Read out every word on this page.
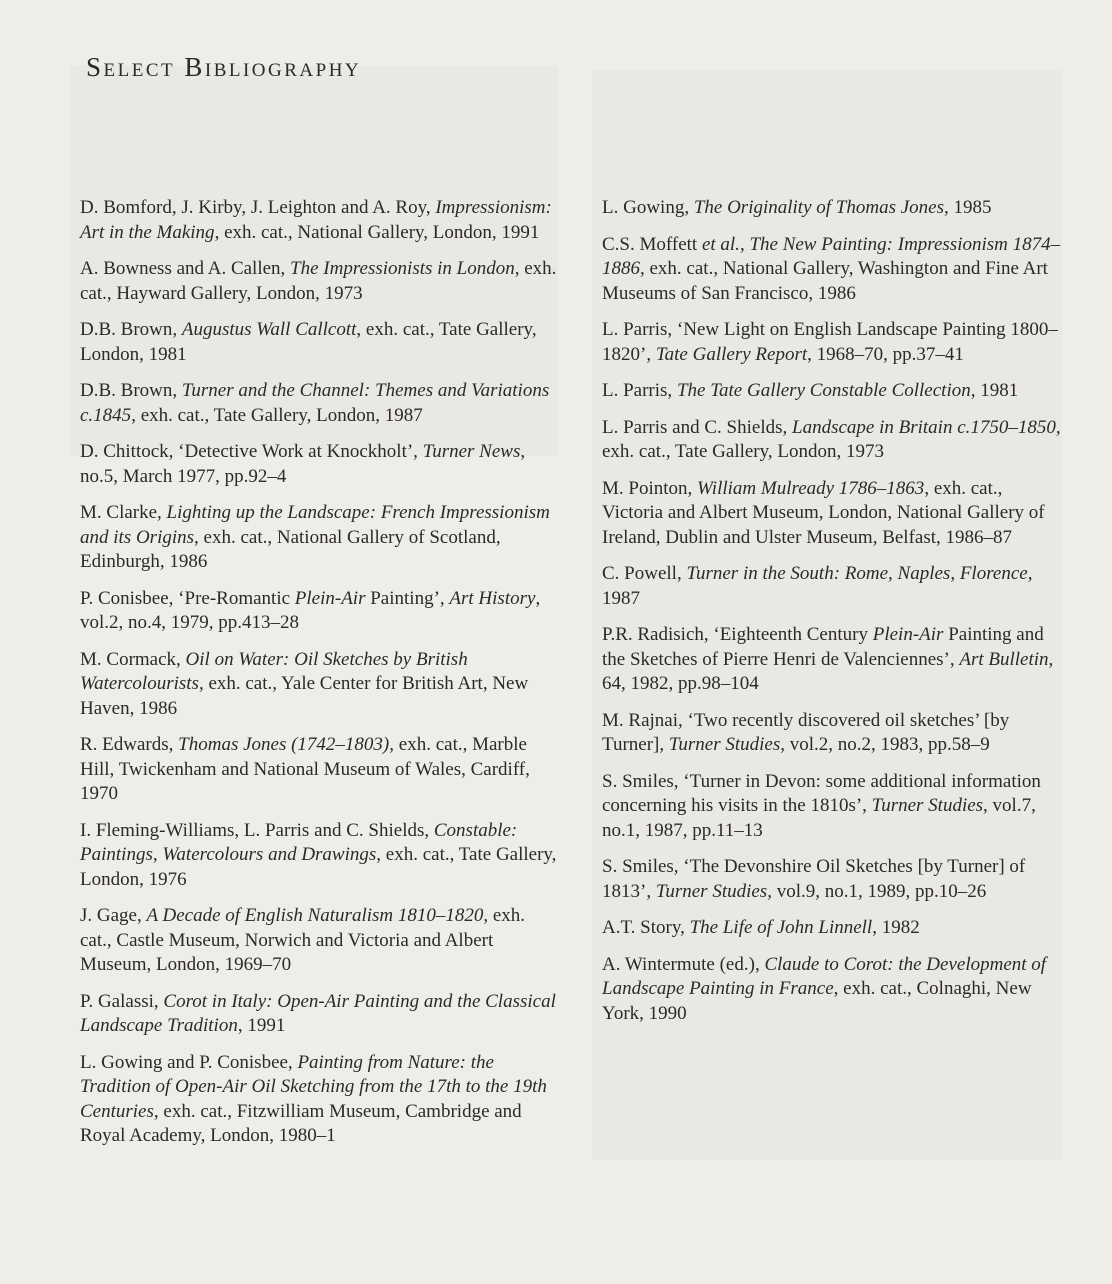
Select Bibliography

D. Bomford, J. Kirby, J. Leighton and A. Roy, Impressionism: Art in the Making, exh. cat., National Gallery, London, 1991

A. Bowness and A. Callen, The Impressionists in London, exh. cat., Hayward Gallery, London, 1973

D.B. Brown, Augustus Wall Callcott, exh. cat., Tate Gallery, London, 1981

D.B. Brown, Turner and the Channel: Themes and Variations c.1845, exh. cat., Tate Gallery, London, 1987

D. Chittock, ‘Detective Work at Knockholt’, Turner News, no.5, March 1977, pp.92–4

M. Clarke, Lighting up the Landscape: French Impressionism and its Origins, exh. cat., National Gallery of Scotland, Edinburgh, 1986

P. Conisbee, ‘Pre-Romantic Plein-Air Painting’, Art History, vol.2, no.4, 1979, pp.413–28

M. Cormack, Oil on Water: Oil Sketches by British Watercolourists, exh. cat., Yale Center for British Art, New Haven, 1986

R. Edwards, Thomas Jones (1742–1803), exh. cat., Marble Hill, Twickenham and National Museum of Wales, Cardiff, 1970

I. Fleming-Williams, L. Parris and C. Shields, Constable: Paintings, Watercolours and Drawings, exh. cat., Tate Gallery, London, 1976

J. Gage, A Decade of English Naturalism 1810–1820, exh. cat., Castle Museum, Norwich and Victoria and Albert Museum, London, 1969–70

P. Galassi, Corot in Italy: Open-Air Painting and the Classical Landscape Tradition, 1991

L. Gowing and P. Conisbee, Painting from Nature: the Tradition of Open-Air Oil Sketching from the 17th to the 19th Centuries, exh. cat., Fitzwilliam Museum, Cambridge and Royal Academy, London, 1980–1

L. Gowing, The Originality of Thomas Jones, 1985

C.S. Moffett et al., The New Painting: Impressionism 1874–1886, exh. cat., National Gallery, Washington and Fine Art Museums of San Francisco, 1986

L. Parris, ‘New Light on English Landscape Painting 1800–1820’, Tate Gallery Report, 1968–70, pp.37–41

L. Parris, The Tate Gallery Constable Collection, 1981

L. Parris and C. Shields, Landscape in Britain c.1750–1850, exh. cat., Tate Gallery, London, 1973

M. Pointon, William Mulready 1786–1863, exh. cat., Victoria and Albert Museum, London, National Gallery of Ireland, Dublin and Ulster Museum, Belfast, 1986–87

C. Powell, Turner in the South: Rome, Naples, Florence, 1987

P.R. Radisich, ‘Eighteenth Century Plein-Air Painting and the Sketches of Pierre Henri de Valenciennes’, Art Bulletin, 64, 1982, pp.98–104

M. Rajnai, ‘Two recently discovered oil sketches’ [by Turner], Turner Studies, vol.2, no.2, 1983, pp.58–9

S. Smiles, ‘Turner in Devon: some additional information concerning his visits in the 1810s’, Turner Studies, vol.7, no.1, 1987, pp.11–13

S. Smiles, ‘The Devonshire Oil Sketches [by Turner] of 1813’, Turner Studies, vol.9, no.1, 1989, pp.10–26

A.T. Story, The Life of John Linnell, 1982

A. Wintermute (ed.), Claude to Corot: the Development of Landscape Painting in France, exh. cat., Colnaghi, New York, 1990
